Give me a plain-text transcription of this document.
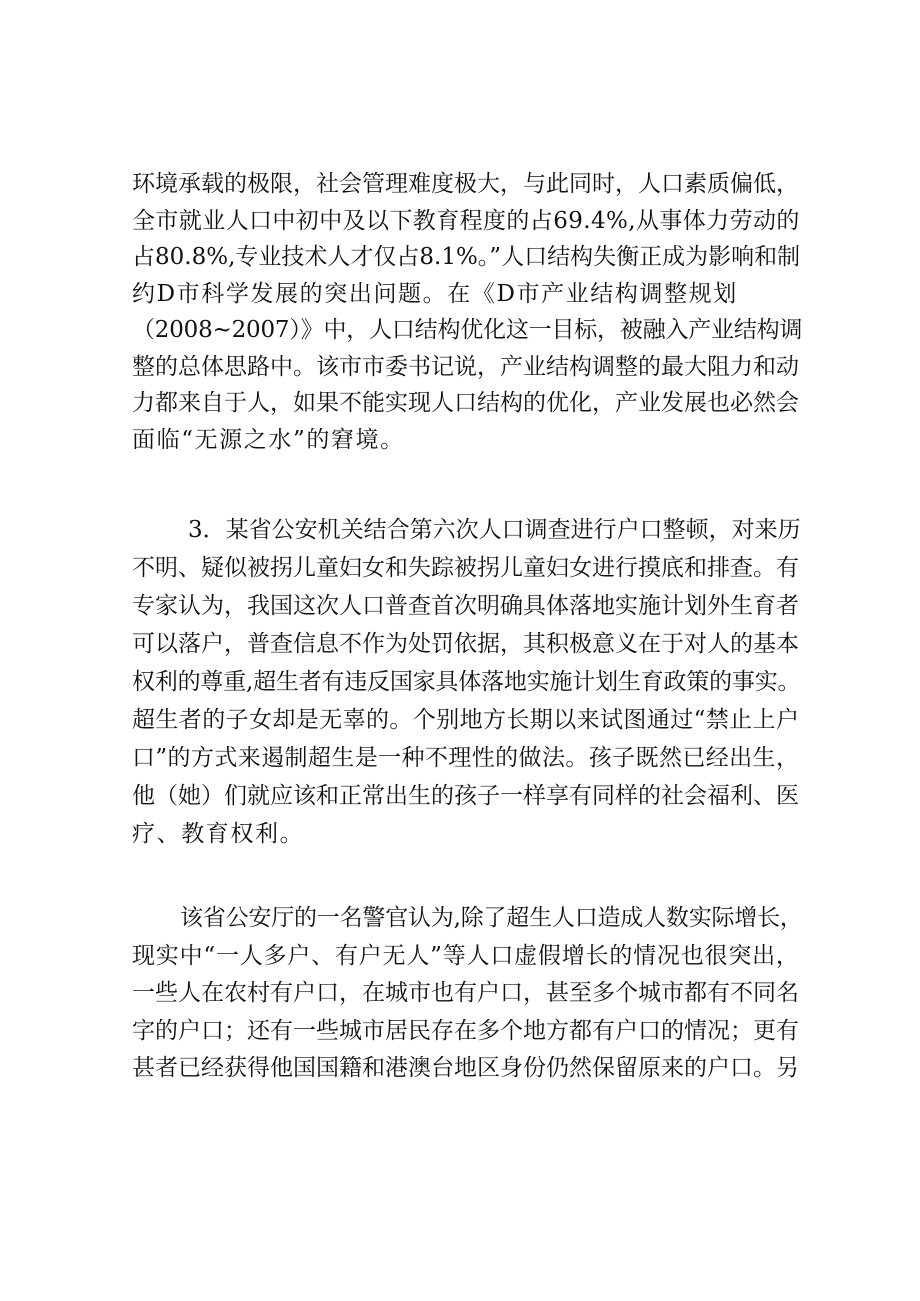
环境承载的极限，社会管理难度极大，与此同时，人口素质偏低，
全市就业人口中初中及以下教育程度的占69.4%,从事体力劳动的
占80.8%,专业技术人才仅占8.1%。”人口结构失衡正成为影响和制
约D市科学发展的突出问题。在《D市产业结构调整规划
（2008~2007）》中，人口结构优化这一目标，被融入产业结构调
整的总体思路中。该市市委书记说，产业结构调整的最大阻力和动
力都来自于人，如果不能实现人口结构的优化，产业发展也必然会
面临“无源之水”的窘境。
3．某省公安机关结合第六次人口调查进行户口整顿，对来历
不明、疑似被拐儿童妇女和失踪被拐儿童妇女进行摸底和排查。有
专家认为，我国这次人口普查首次明确具体落地实施计划外生育者
可以落户，普查信息不作为处罚依据，其积极意义在于对人的基本
权利的尊重,超生者有违反国家具体落地实施计划生育政策的事实。
超生者的子女却是无辜的。个别地方长期以来试图通过“禁止上户
口”的方式来遏制超生是一种不理性的做法。孩子既然已经出生，
他（她）们就应该和正常出生的孩子一样享有同样的社会福利、医
疗、教育权利。
该省公安厅的一名警官认为,除了超生人口造成人数实际增长，
现实中“一人多户、有户无人”等人口虚假增长的情况也很突出，
一些人在农村有户口，在城市也有户口，甚至多个城市都有不同名
字的户口；还有一些城市居民存在多个地方都有户口的情况；更有
甚者已经获得他国国籍和港澳台地区身份仍然保留原来的户口。另
